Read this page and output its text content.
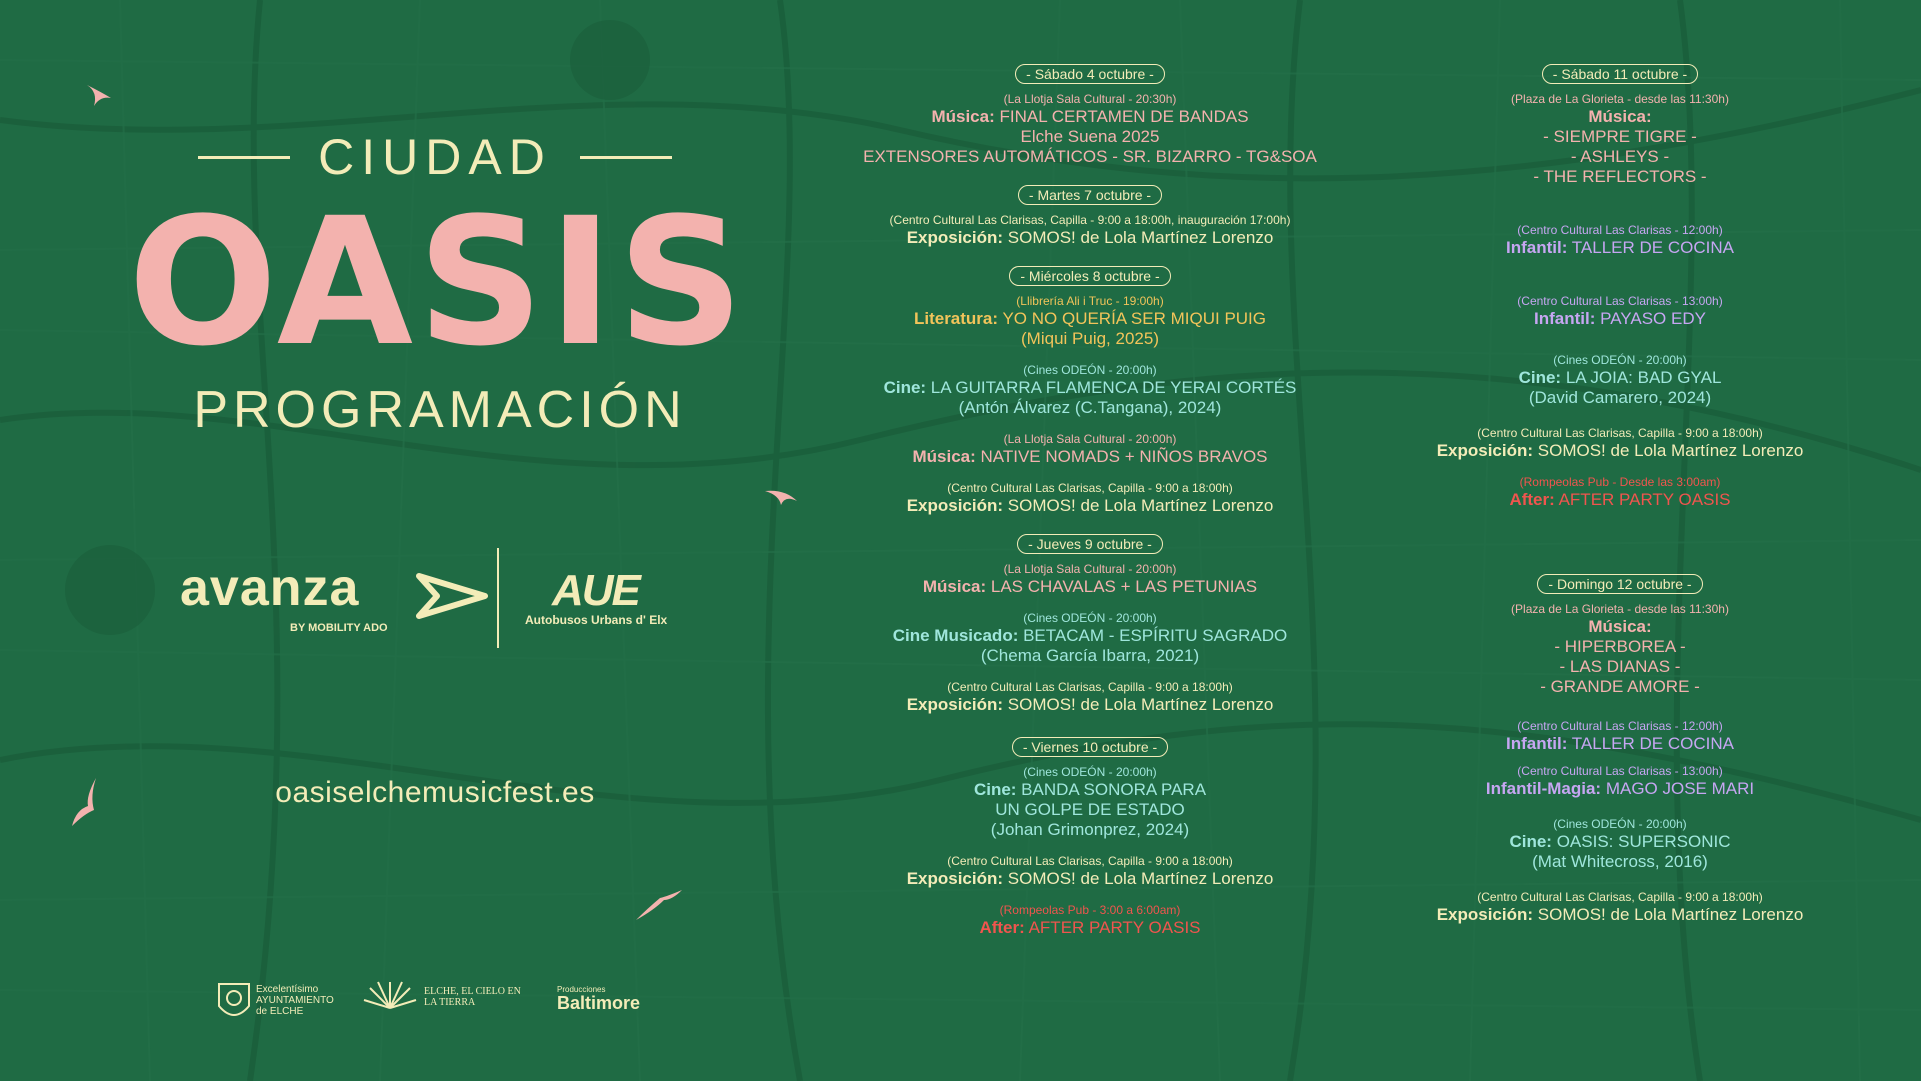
CIUDAD
OASIS
PROGRAMACIÓN
avanza
BY MOBILITY ADO
AUE
Autobusos Urbans d' Elx
oasiselchemusicfest.es
Excelentísimo AYUNTAMIENTO de ELCHE
ELCHE, EL CIELO EN LA TIERRA
Producciones
Baltimore
- Sábado 4 octubre -
(La Llotja Sala Cultural - 20:30h)
Música: FINAL CERTAMEN DE BANDAS
Elche Suena 2025
EXTENSORES AUTOMÁTICOS - SR. BIZARRO - TG&SOA
- Martes 7 octubre -
(Centro Cultural Las Clarisas, Capilla - 9:00 a 18:00h, inauguración 17:00h)
Exposición: SOMOS! de Lola Martínez Lorenzo
- Miércoles 8 octubre -
(Llibrería Ali i Truc - 19:00h)
Literatura: YO NO QUERÍA SER MIQUI PUIG
(Miqui Puig, 2025)
(Cines ODEÓN - 20:00h)
Cine: LA GUITARRA FLAMENCA DE YERAI CORTÉS
(Antón Álvarez (C.Tangana), 2024)
(La Llotja Sala Cultural - 20:00h)
Música: NATIVE NOMADS + NIÑOS BRAVOS
(Centro Cultural Las Clarisas, Capilla - 9:00 a 18:00h)
Exposición: SOMOS! de Lola Martínez Lorenzo
- Jueves 9 octubre -
(La Llotja Sala Cultural - 20:00h)
Música: LAS CHAVALAS + LAS PETUNIAS
(Cines ODEÓN - 20:00h)
Cine Musicado: BETACAM - ESPÍRITU SAGRADO
(Chema García Ibarra, 2021)
(Centro Cultural Las Clarisas, Capilla - 9:00 a 18:00h)
Exposición: SOMOS! de Lola Martínez Lorenzo
- Viernes 10 octubre -
(Cines ODEÓN - 20:00h)
Cine: BANDA SONORA PARA
UN GOLPE DE ESTADO
(Johan Grimonprez, 2024)
(Centro Cultural Las Clarisas, Capilla - 9:00 a 18:00h)
Exposición: SOMOS! de Lola Martínez Lorenzo
(Rompeolas Pub - 3:00 a 6:00am)
After: AFTER PARTY OASIS
- Sábado 11 octubre -
(Plaza de La Glorieta - desde las 11:30h)
Música:
- SIEMPRE TIGRE -
- ASHLEYS -
- THE REFLECTORS -
(Centro Cultural Las Clarisas - 12:00h)
Infantil: TALLER DE COCINA
(Centro Cultural Las Clarisas - 13:00h)
Infantil: PAYASO EDY
(Cines ODEÓN - 20:00h)
Cine: LA JOIA: BAD GYAL
(David Camarero, 2024)
(Centro Cultural Las Clarisas, Capilla - 9:00 a 18:00h)
Exposición: SOMOS! de Lola Martínez Lorenzo
(Rompeolas Pub - Desde las 3:00am)
After: AFTER PARTY OASIS
- Domingo 12 octubre -
(Plaza de La Glorieta - desde las 11:30h)
Música:
- HIPERBOREA -
- LAS DIANAS -
- GRANDE AMORE -
(Centro Cultural Las Clarisas - 12:00h)
Infantil: TALLER DE COCINA
(Centro Cultural Las Clarisas - 13:00h)
Infantil-Magia: MAGO JOSE MARI
(Cines ODEÓN - 20:00h)
Cine: OASIS: SUPERSONIC
(Mat Whitecross, 2016)
(Centro Cultural Las Clarisas, Capilla - 9:00 a 18:00h)
Exposición: SOMOS! de Lola Martínez Lorenzo
